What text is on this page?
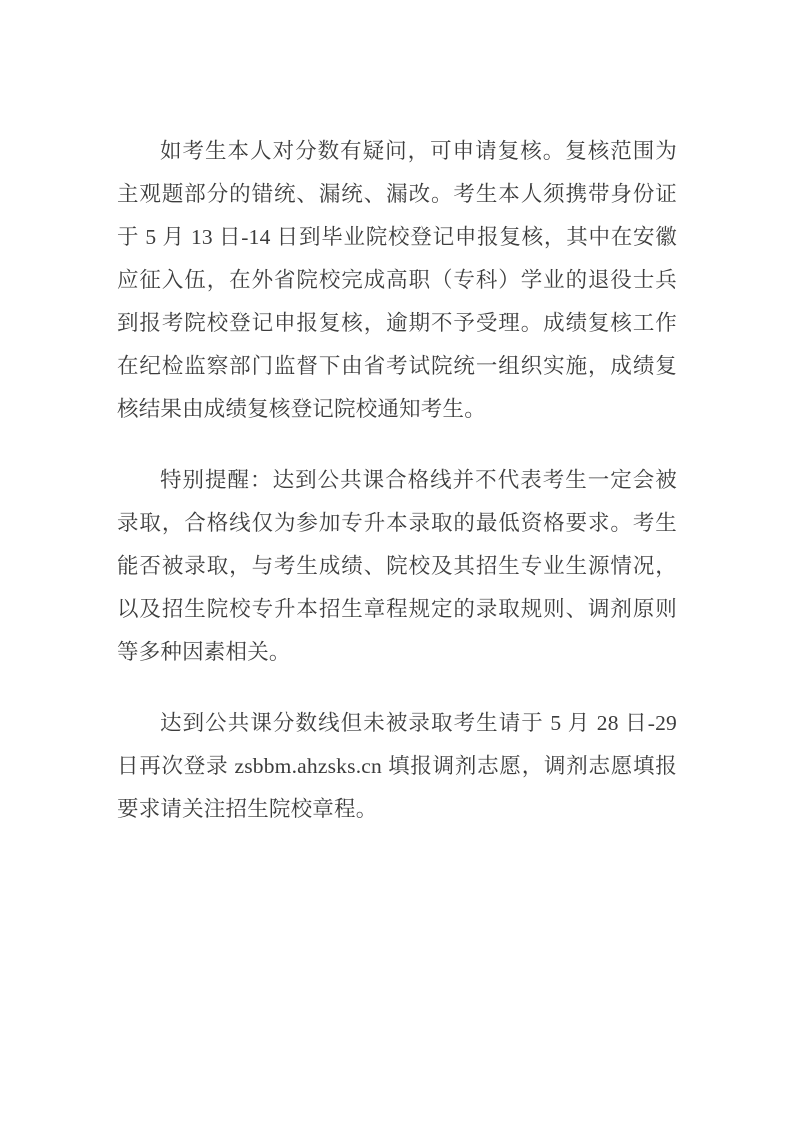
如考生本人对分数有疑问，可申请复核。复核范围为主观题部分的错统、漏统、漏改。考生本人须携带身份证于 5 月 13 日-14 日到毕业院校登记申报复核，其中在安徽应征入伍，在外省院校完成高职（专科）学业的退役士兵到报考院校登记申报复核，逾期不予受理。成绩复核工作在纪检监察部门监督下由省考试院统一组织实施，成绩复核结果由成绩复核登记院校通知考生。

特别提醒：达到公共课合格线并不代表考生一定会被录取，合格线仅为参加专升本录取的最低资格要求。考生能否被录取，与考生成绩、院校及其招生专业生源情况，以及招生院校专升本招生章程规定的录取规则、调剂原则等多种因素相关。

达到公共课分数线但未被录取考生请于 5 月 28 日-29 日再次登录 zsbbm.ahzsks.cn 填报调剂志愿，调剂志愿填报要求请关注招生院校章程。
